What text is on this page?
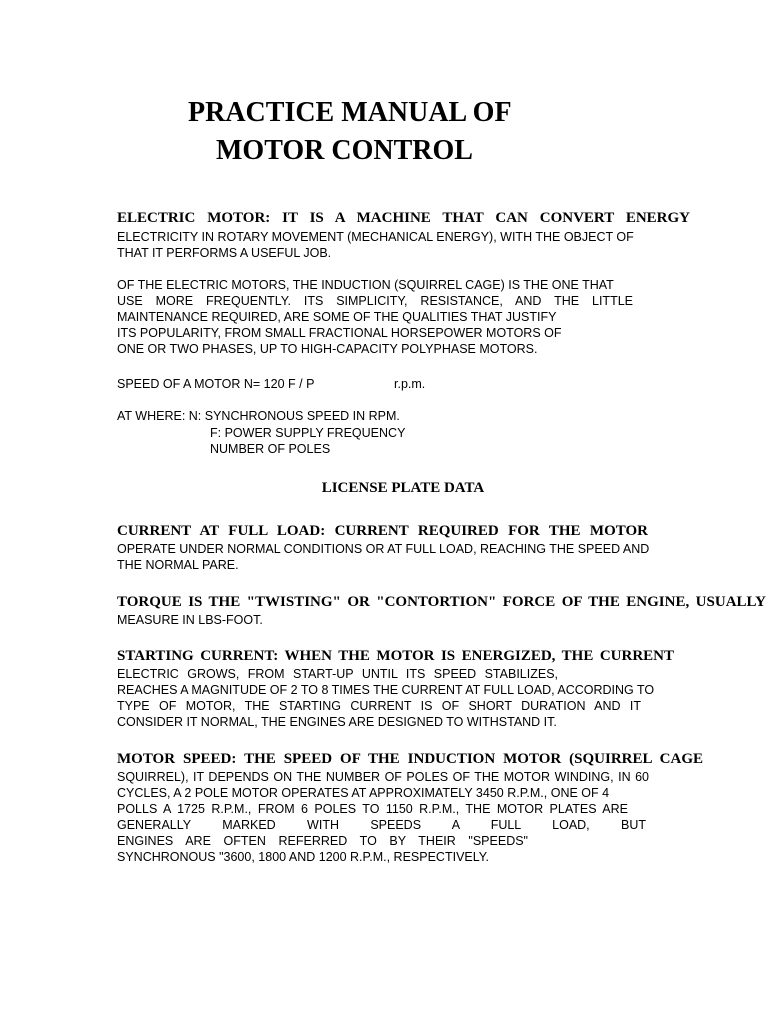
PRACTICE MANUAL OF
MOTOR CONTROL

ELECTRIC MOTOR: IT IS A MACHINE THAT CAN CONVERT ENERGY

ELECTRICITY IN ROTARY MOVEMENT (MECHANICAL ENERGY), WITH THE OBJECT OF

THAT IT PERFORMS A USEFUL JOB.

OF THE ELECTRIC MOTORS, THE INDUCTION (SQUIRREL CAGE) IS THE ONE THAT

USE MORE FREQUENTLY. ITS SIMPLICITY, RESISTANCE, AND THE LITTLE

MAINTENANCE REQUIRED, ARE SOME OF THE QUALITIES THAT JUSTIFY

ITS POPULARITY, FROM SMALL FRACTIONAL HORSEPOWER MOTORS OF

ONE OR TWO PHASES, UP TO HIGH-CAPACITY POLYPHASE MOTORS.

SPEED OF A MOTOR N= 120 F / P	r.p.m.

AT WHERE: N: SYNCHRONOUS SPEED IN RPM.

F: POWER SUPPLY FREQUENCY

NUMBER OF POLES

LICENSE PLATE DATA

CURRENT AT FULL LOAD: CURRENT REQUIRED FOR THE MOTOR

OPERATE UNDER NORMAL CONDITIONS OR AT FULL LOAD, REACHING THE SPEED AND

THE NORMAL PARE.

TORQUE IS THE "TWISTING" OR "CONTORTION" FORCE OF THE ENGINE, USUALLY

MEASURE IN LBS-FOOT.

STARTING CURRENT: WHEN THE MOTOR IS ENERGIZED, THE CURRENT

ELECTRIC GROWS, FROM START-UP UNTIL ITS SPEED STABILIZES,

REACHES A MAGNITUDE OF 2 TO 8 TIMES THE CURRENT AT FULL LOAD, ACCORDING TO

TYPE OF MOTOR, THE STARTING CURRENT IS OF SHORT DURATION AND IT

CONSIDER IT NORMAL, THE ENGINES ARE DESIGNED TO WITHSTAND IT.

MOTOR SPEED: THE SPEED OF THE INDUCTION MOTOR (SQUIRREL CAGE

SQUIRREL), IT DEPENDS ON THE NUMBER OF POLES OF THE MOTOR WINDING, IN 60

CYCLES, A 2 POLE MOTOR OPERATES AT APPROXIMATELY 3450 R.P.M., ONE OF 4

POLLS A 1725 R.P.M., FROM 6 POLES TO 1150 R.P.M., THE MOTOR PLATES ARE

GENERALLY MARKED WITH SPEEDS A FULL LOAD, BUT

ENGINES ARE OFTEN REFERRED TO BY THEIR "SPEEDS"

SYNCHRONOUS "3600, 1800 AND 1200 R.P.M., RESPECTIVELY.
